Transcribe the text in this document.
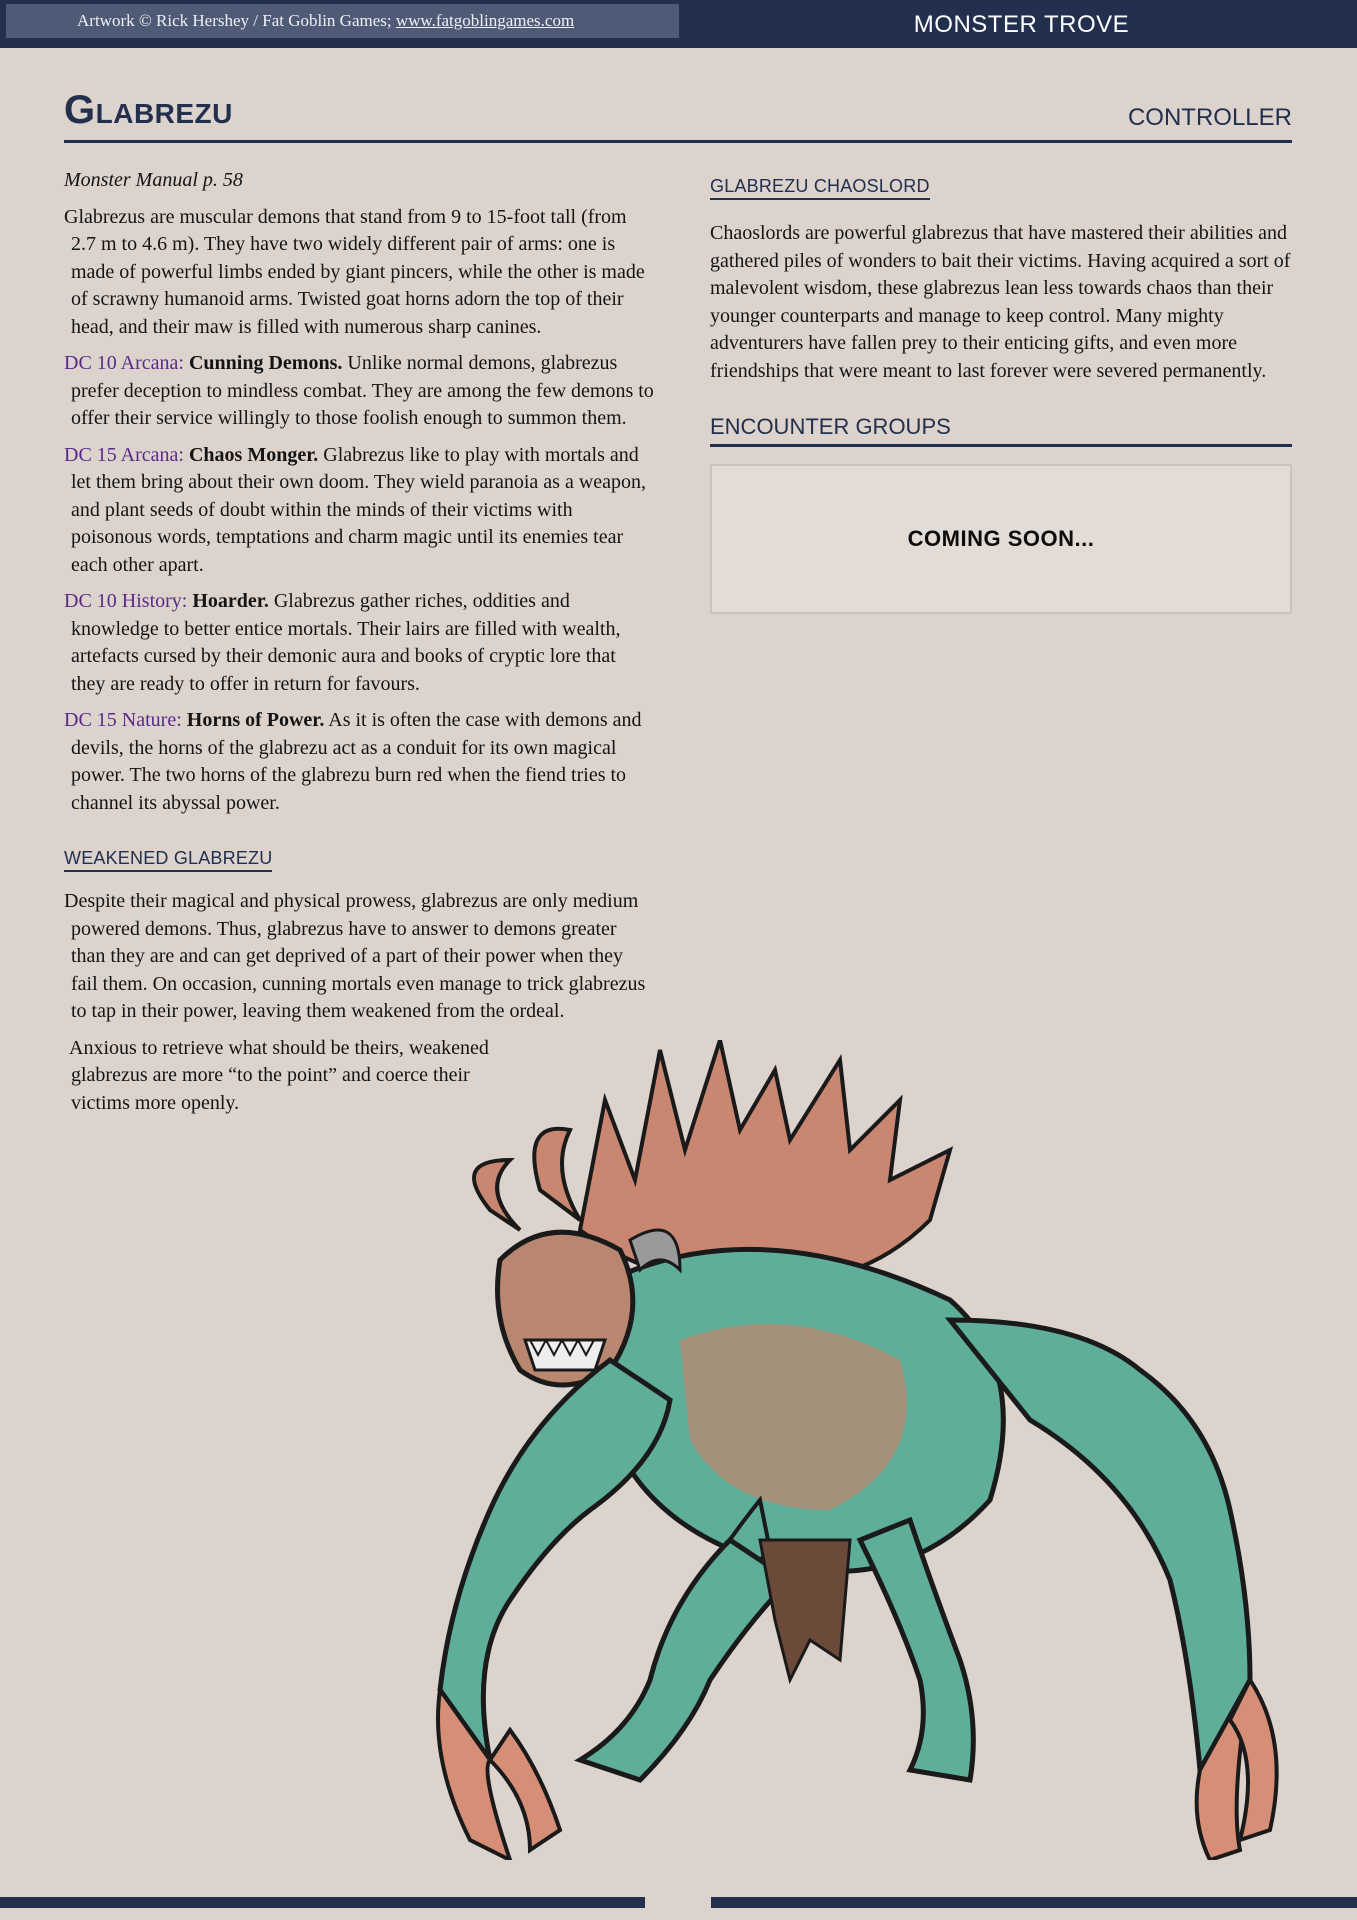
Artwork © Rick Hershey / Fat Goblin Games; www.fatgoblingames.com	MONSTER TROVE
Glabrezu	CONTROLLER

Monster Manual p. 58

Glabrezus are muscular demons that stand from 9 to 15-foot tall (from 2.7 m to 4.6 m). They have two widely different pair of arms: one is made of powerful limbs ended by giant pincers, while the other is made of scrawny humanoid arms. Twisted goat horns adorn the top of their head, and their maw is filled with numerous sharp canines.

DC 10 Arcana: Cunning Demons. Unlike normal demons, glabrezus prefer deception to mindless combat. They are among the few demons to offer their service willingly to those foolish enough to summon them.

DC 15 Arcana: Chaos Monger. Glabrezus like to play with mortals and let them bring about their own doom. They wield paranoia as a weapon, and plant seeds of doubt within the minds of their victims with poisonous words, temptations and charm magic until its enemies tear each other apart.

DC 10 History: Hoarder. Glabrezus gather riches, oddities and knowledge to better entice mortals. Their lairs are filled with wealth, artefacts cursed by their demonic aura and books of cryptic lore that they are ready to offer in return for favours.

DC 15 Nature: Horns of Power. As it is often the case with demons and devils, the horns of the glabrezu act as a conduit for its own magical power. The two horns of the glabrezu burn red when the fiend tries to channel its abyssal power.

WEAKENED GLABREZU

Despite their magical and physical prowess, glabrezus are only medium powered demons. Thus, glabrezus have to answer to demons greater than they are and can get deprived of a part of their power when they fail them. On occasion, cunning mortals even manage to trick glabrezus to tap in their power, leaving them weakened from the ordeal.

Anxious to retrieve what should be theirs, weakened glabrezus are more “to the point” and coerce their victims more openly.

GLABREZU CHAOSLORD

Chaoslords are powerful glabrezus that have mastered their abilities and gathered piles of wonders to bait their victims. Having acquired a sort of malevolent wisdom, these glabrezus lean less towards chaos than their younger counterparts and manage to keep control. Many mighty adventurers have fallen prey to their enticing gifts, and even more friendships that were meant to last forever were severed permanently.

ENCOUNTER GROUPS
COMING SOON...
